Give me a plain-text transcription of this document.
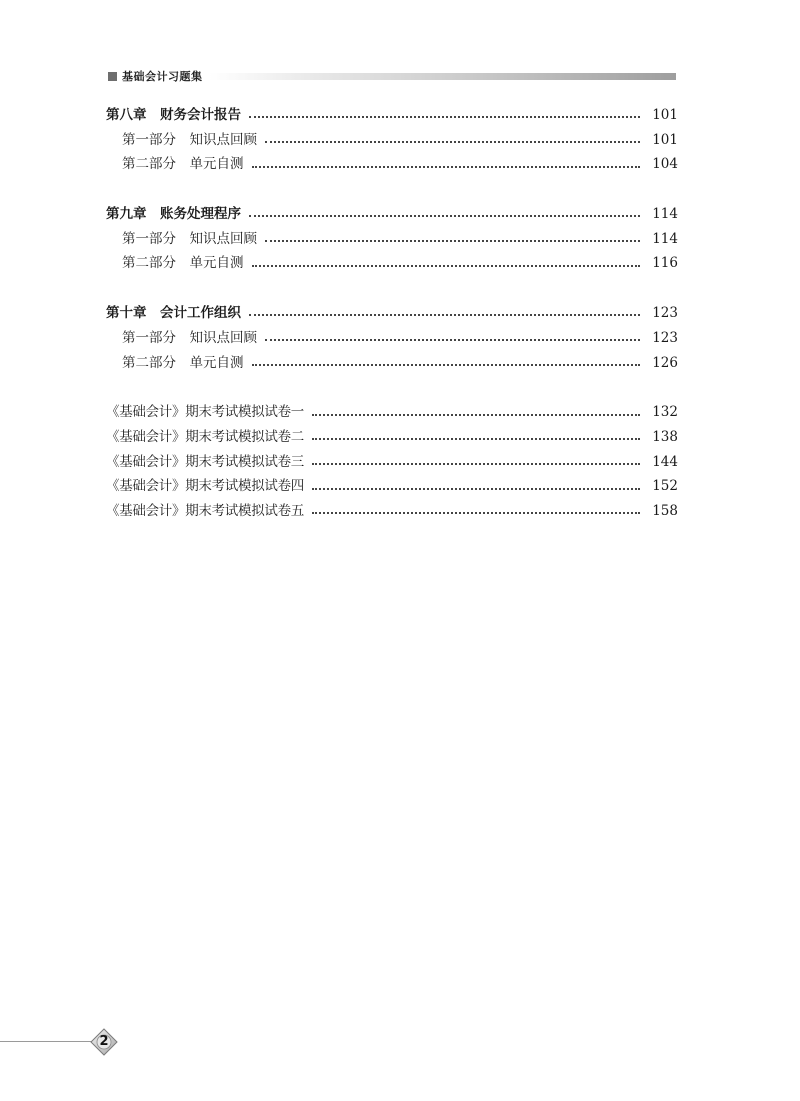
基础会计习题集
第八章　财务会计报告	101
第一部分　知识点回顾	101
第二部分　单元自测	104
第九章　账务处理程序	114
第一部分　知识点回顾	114
第二部分　单元自测	116
第十章　会计工作组织	123
第一部分　知识点回顾	123
第二部分　单元自测	126
《基础会计》期末考试模拟试卷一	132
《基础会计》期末考试模拟试卷二	138
《基础会计》期末考试模拟试卷三	144
《基础会计》期末考试模拟试卷四	152
《基础会计》期末考试模拟试卷五	158
2
